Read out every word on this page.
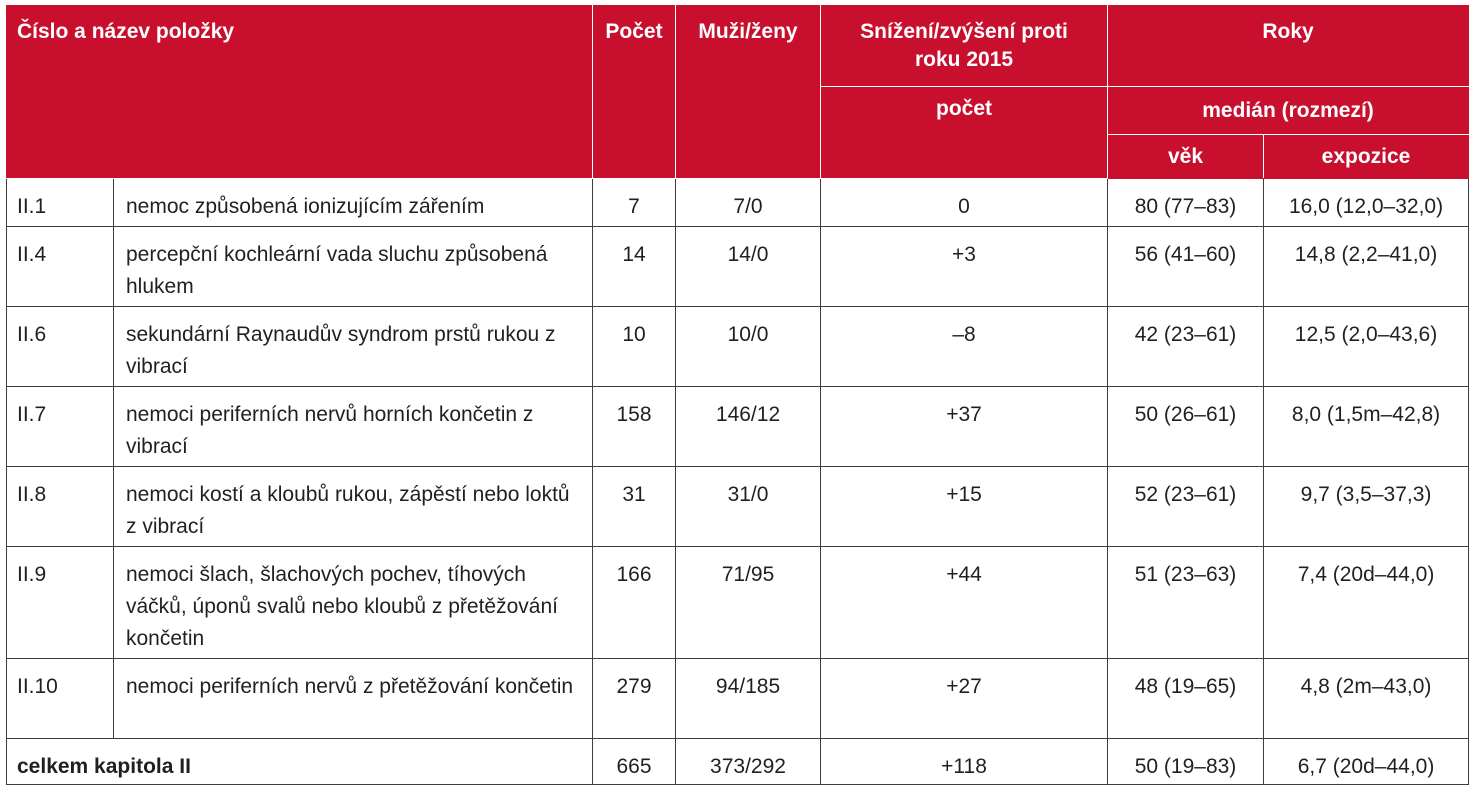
Číslo a název položky		Počet	Muži/ženy	Snížení/zvýšení proti roku 2015	Roky	
				počet	medián (rozmezí)	
					věk	expozice
II.1	nemoc způsobená ionizujícím zářením	7	7/0	0	80 (77–83)	16,0 (12,0–32,0)
II.4	percepční kochleární vada sluchu způsobená hlukem	14	14/0	+3	56 (41–60)	14,8 (2,2–41,0)
II.6	sekundární Raynaudův syndrom prstů rukou z vibrací	10	10/0	–8	42 (23–61)	12,5 (2,0–43,6)
II.7	nemoci periferních nervů horních končetin z vibrací	158	146/12	+37	50 (26–61)	8,0 (1,5m–42,8)
II.8	nemoci kostí a kloubů rukou, zápěstí nebo loktů z vibrací	31	31/0	+15	52 (23–61)	9,7 (3,5–37,3)
II.9	nemoci šlach, šlachových pochev, tíhových váčků, úponů svalů nebo kloubů z přetěžování končetin	166	71/95	+44	51 (23–63)	7,4 (20d–44,0)
II.10	nemoci periferních nervů z přetěžování končetin	279	94/185	+27	48 (19–65)	4,8 (2m–43,0)
celkem kapitola II		665	373/292	+118	50 (19–83)	6,7 (20d–44,0)
